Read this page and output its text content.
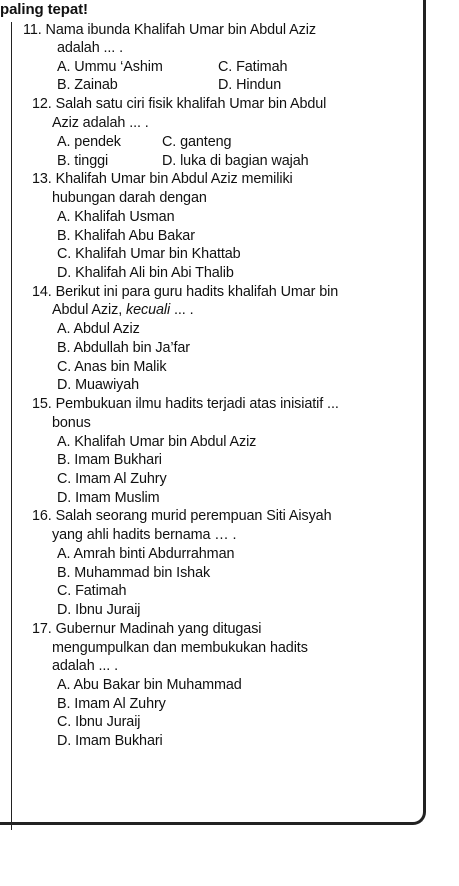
paling tepat!
11. Nama ibunda Khalifah Umar bin Abdul Aziz
adalah ... .
A. Ummu ‘Ashim	C. Fatimah
B. Zainab	D. Hindun
12. Salah satu ciri fisik khalifah Umar bin Abdul
Aziz adalah ... .
A. pendek	C. ganteng
B. tinggi	D. luka di bagian wajah
13. Khalifah Umar bin Abdul Aziz memiliki
hubungan darah dengan
A. Khalifah Usman
B. Khalifah Abu Bakar
C. Khalifah Umar bin Khattab
D. Khalifah Ali bin Abi Thalib
14. Berikut ini para guru hadits khalifah Umar bin
Abdul Aziz, kecuali ... .
A. Abdul Aziz
B. Abdullah bin Ja’far
C. Anas bin Malik
D. Muawiyah
15. Pembukuan ilmu hadits terjadi atas inisiatif ...
bonus
A. Khalifah Umar bin Abdul Aziz
B. Imam Bukhari
C. Imam Al Zuhry
D. Imam Muslim
16. Salah seorang murid perempuan Siti Aisyah
yang ahli hadits bernama … .
A. Amrah binti Abdurrahman
B. Muhammad bin Ishak
C. Fatimah
D. Ibnu Juraij
17. Gubernur Madinah yang ditugasi
mengumpulkan dan membukukan hadits
adalah ... .
A. Abu Bakar bin Muhammad
B. Imam Al Zuhry
C. Ibnu Juraij
D. Imam Bukhari
